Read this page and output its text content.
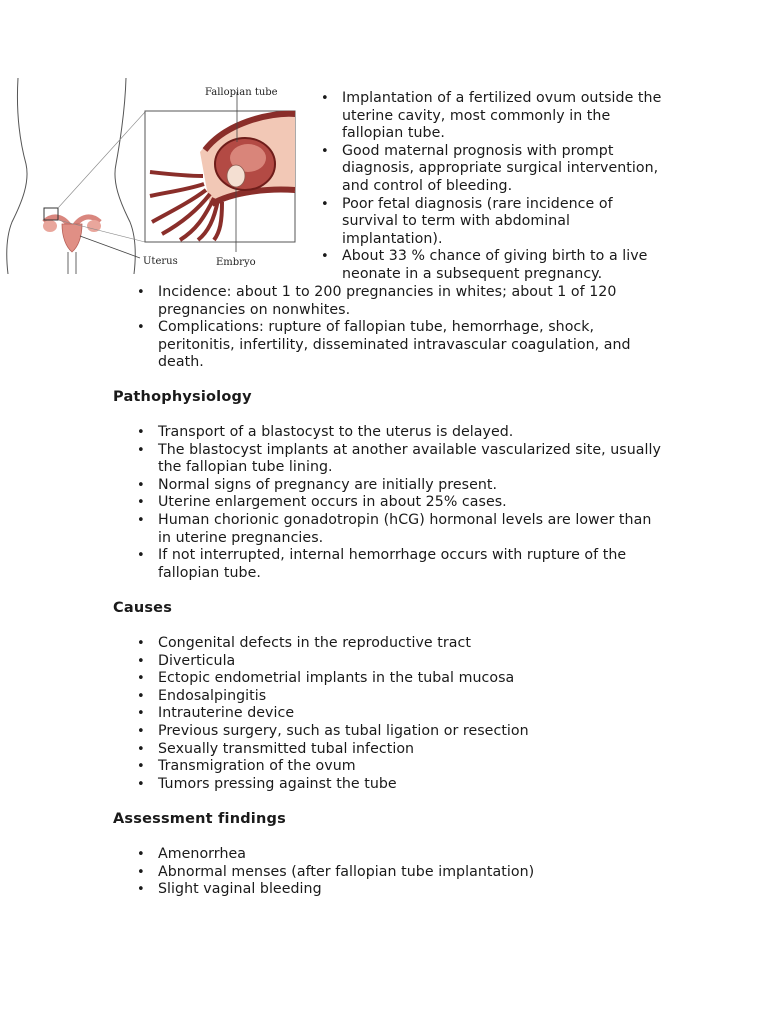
Fallopian tube
Uterus	Embryo
• Implantation of a fertilized ovum outside the uterine cavity, most commonly in the fallopian tube.
• Good maternal prognosis with prompt diagnosis, appropriate surgical intervention, and control of bleeding.
• Poor fetal diagnosis (rare incidence of survival to term with abdominal implantation).
• About 33 % chance of giving birth to a live neonate in a subsequent pregnancy.
• Incidence: about 1 to 200 pregnancies in whites; about 1 of 120 pregnancies on nonwhites.
• Complications: rupture of fallopian tube, hemorrhage, shock, peritonitis, infertility, disseminated intravascular coagulation, and death.
Pathophysiology
• Transport of a blastocyst to the uterus is delayed.
• The blastocyst implants at another available vascularized site, usually the fallopian tube lining.
• Normal signs of pregnancy are initially present.
• Uterine enlargement occurs in about 25% cases.
• Human chorionic gonadotropin (hCG) hormonal levels are lower than in uterine pregnancies.
• If not interrupted, internal hemorrhage occurs with rupture of the fallopian tube.
Causes
• Congenital defects in the reproductive tract
• Diverticula
• Ectopic endometrial implants in the tubal mucosa
• Endosalpingitis
• Intrauterine device
• Previous surgery, such as tubal ligation or resection
• Sexually transmitted tubal infection
• Transmigration of the ovum
• Tumors pressing against the tube
Assessment findings
• Amenorrhea
• Abnormal menses (after fallopian tube implantation)
• Slight vaginal bleeding
